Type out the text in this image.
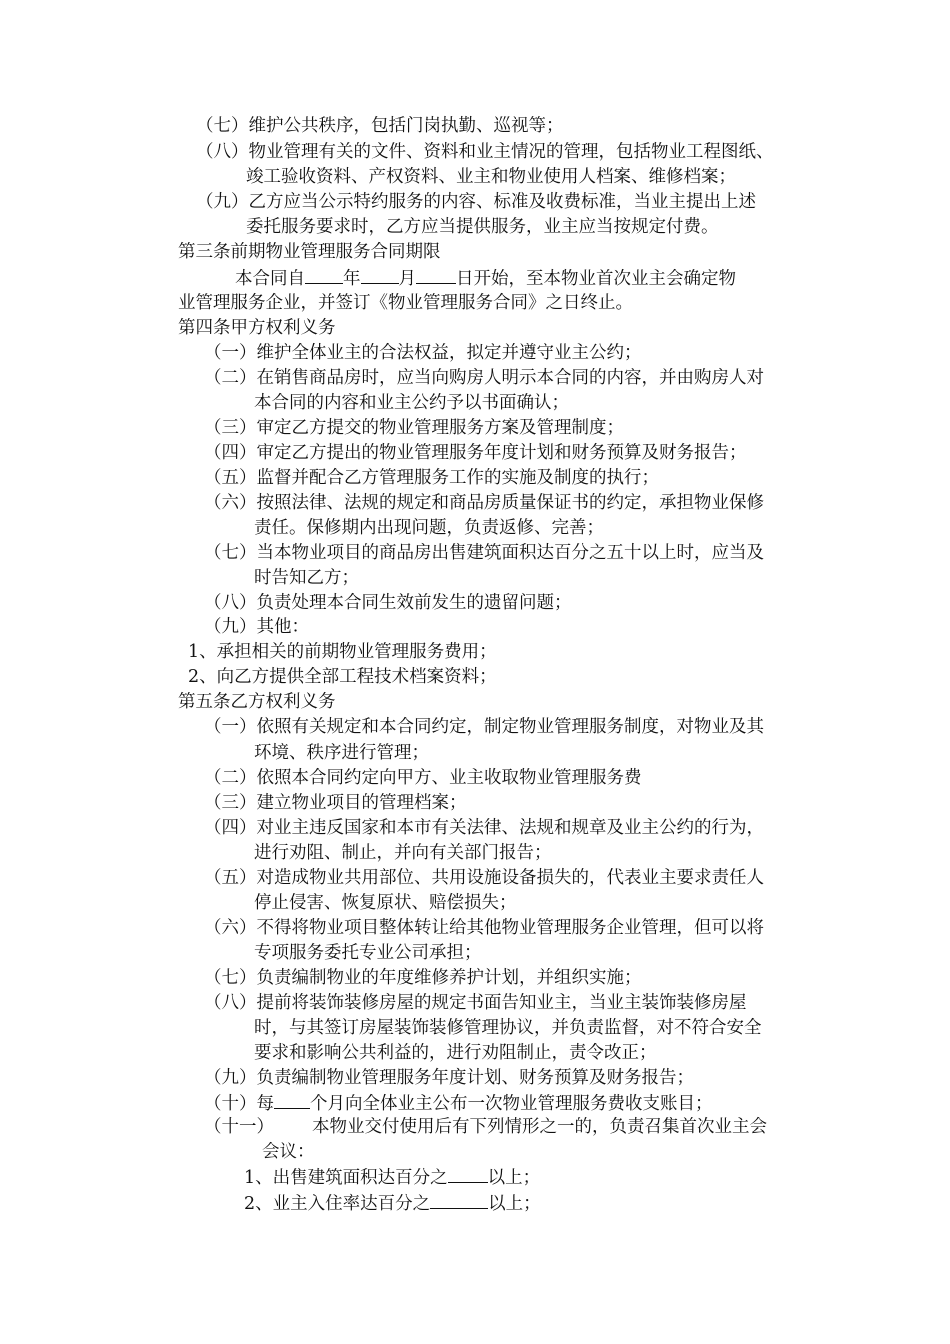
（七）维护公共秩序，包括门岗执勤、巡视等；
（八）物业管理有关的文件、资料和业主情况的管理，包括物业工程图纸、
竣工验收资料、产权资料、业主和物业使用人档案、维修档案；
（九）乙方应当公示特约服务的内容、标准及收费标准，当业主提出上述
委托服务要求时，乙方应当提供服务，业主应当按规定付费。
第三条前期物业管理服务合同期限
本合同自 年 月 日开始，至本物业首次业主会确定物
业管理服务企业，并签订《物业管理服务合同》之日终止。
第四条甲方权利义务
（一）维护全体业主的合法权益，拟定并遵守业主公约；
（二）在销售商品房时，应当向购房人明示本合同的内容，并由购房人对
本合同的内容和业主公约予以书面确认；
（三）审定乙方提交的物业管理服务方案及管理制度；
（四）审定乙方提出的物业管理服务年度计划和财务预算及财务报告；
（五）监督并配合乙方管理服务工作的实施及制度的执行；
（六）按照法律、法规的规定和商品房质量保证书的约定，承担物业保修
责任。保修期内出现问题，负责返修、完善；
（七）当本物业项目的商品房出售建筑面积达百分之五十以上时，应当及
时告知乙方；
（八）负责处理本合同生效前发生的遗留问题；
（九）其他：
1、承担相关的前期物业管理服务费用；
2、向乙方提供全部工程技术档案资料；
第五条乙方权利义务
（一）依照有关规定和本合同约定，制定物业管理服务制度，对物业及其
环境、秩序进行管理；
（二）依照本合同约定向甲方、业主收取物业管理服务费
（三）建立物业项目的管理档案；
（四）对业主违反国家和本市有关法律、法规和规章及业主公约的行为，
进行劝阻、制止，并向有关部门报告；
（五）对造成物业共用部位、共用设施设备损失的，代表业主要求责任人
停止侵害、恢复原状、赔偿损失；
（六）不得将物业项目整体转让给其他物业管理服务企业管理，但可以将
专项服务委托专业公司承担；
（七）负责编制物业的年度维修养护计划，并组织实施；
（八）提前将装饰装修房屋的规定书面告知业主，当业主装饰装修房屋
时，与其签订房屋装饰装修管理协议，并负责监督，对不符合安全
要求和影响公共利益的，进行劝阻制止，责令改正；
（九）负责编制物业管理服务年度计划、财务预算及财务报告；
（十）每 个月向全体业主公布一次物业管理服务费收支账目；
（十一） 本物业交付使用后有下列情形之一的，负责召集首次业主会
会议：
1、出售建筑面积达百分之 以上；
2、业主入住率达百分之	以上；
